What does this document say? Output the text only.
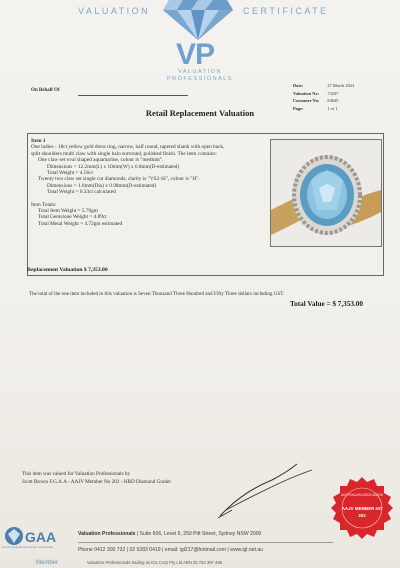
VALUATION	CERTIFICATE
VP
VALUATION
PROFESSIONALS
On Behalf Of
Date:	27 March 2023
Valuation No:	73237
Customer No:	84645
Page:	1 of 1
Retail Replacement Valuation
Item 1
One ladies - 18ct yellow gold dress ring, narrow, half round, tapered shank with open back,
split shoulders multi claw with single halo surround, polished finish. The item contains:
One claw set oval shaped aquamarine, colour is "medium".
Dimensions = 12.2mm(L) x 10mm(W) x 6.8mm(D-estimated)
Total Weight = 4.56ct
Twenty two claw set single cut diamonds, clarity is "VS2-SI", colour is "H".
Dimensions = 1.6mm(Dia) x 0.98mm(D-estimated)
Total Weight = 0.33ct calculated
Item Totals:
Total Item Weight = 5.70gm
Total Gemstone Weight = 4.89ct
Total Metal Weight = 4.72gm estimated
Replacement Valuation $ 7,353.00
The total of the one item included in this valuation is Seven Thousand Three Hundred and Fifty Three dollars including GST.
Total Value = $ 7,353.00
This item was valued for Valuation Professionals by
Scott Brown F.G.A.A - AAJV Member No 202 - HRD Diamond Grader
AUSTRALIAN ASSOCIATION
AAJV MEMBER NO
202
GAA
Gemmological Association of Australia
Member
Valuation Professionals | Suite 606, Level 6, 250 Pitt Street, Sydney NSW 2000
Phone 0412 300 732 | 02 9283 0419 | email: igl217@hotmail.com | www.igl.net.au
Valuation Professionals trading as IGL Corp Pty Ltd ABN 25 734 397 496
